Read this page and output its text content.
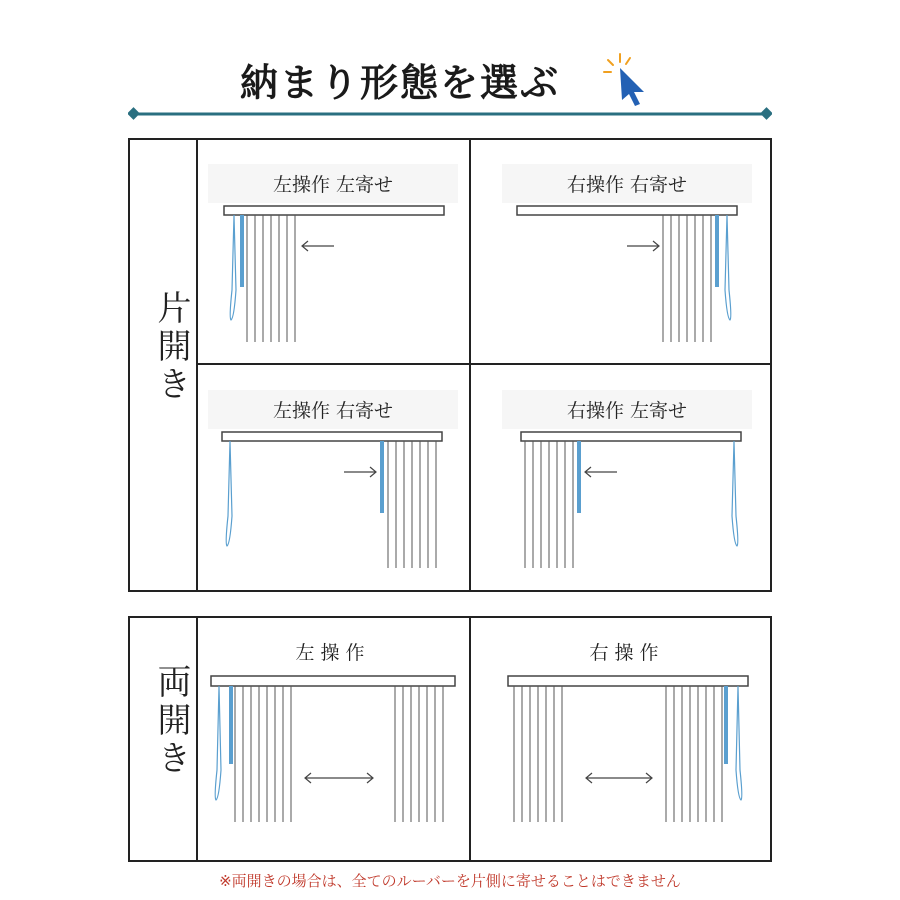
納まり形態を選ぶ
片開き
左操作 左寄せ	右操作 右寄せ
左操作 右寄せ	右操作 左寄せ
両開き
左操作	右操作
※両開きの場合は、全てのルーバーを片側に寄せることはできません
